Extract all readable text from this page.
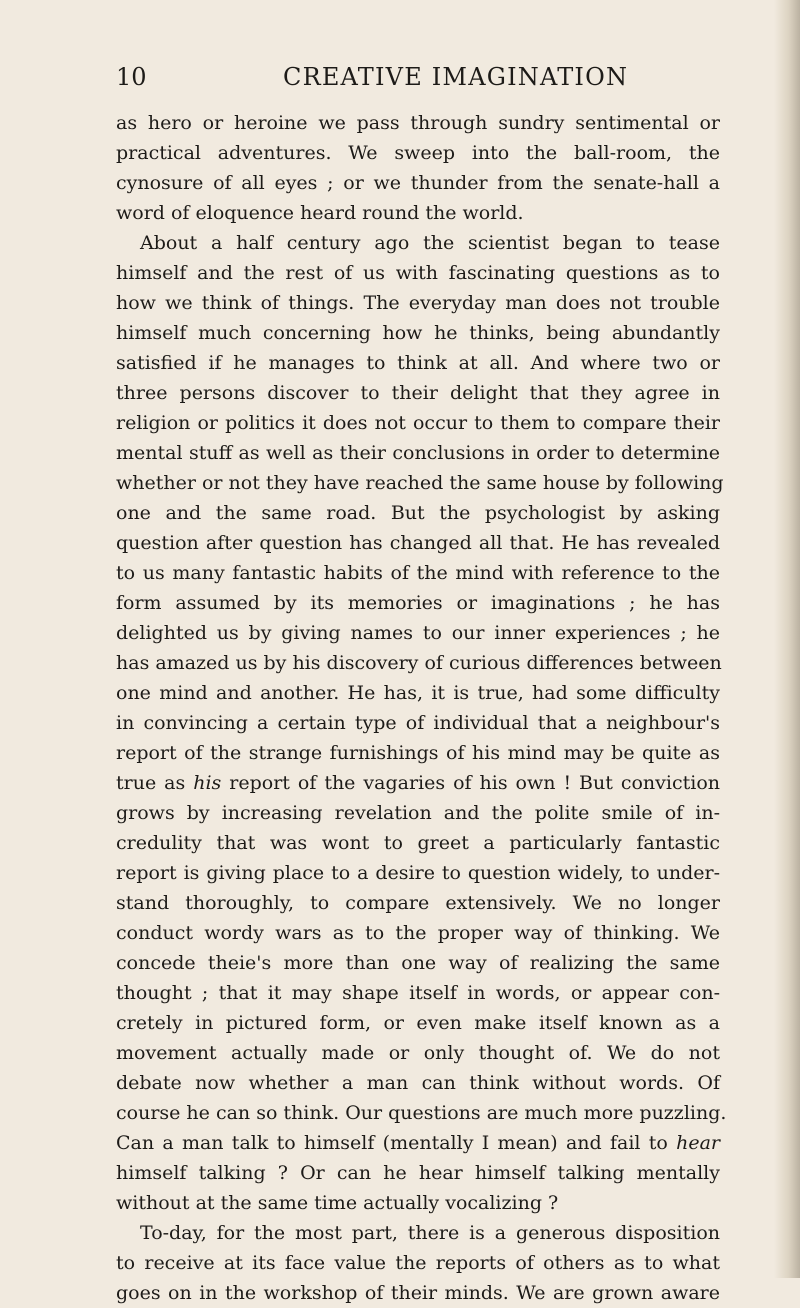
10	CREATIVE IMAGINATION
as hero or heroine we pass through sundry sentimental or
practical adventures. We sweep into the ball-room, the
cynosure of all eyes ; or we thunder from the senate-hall a
word of eloquence heard round the world.
About a half century ago the scientist began to tease
himself and the rest of us with fascinating questions as to
how we think of things. The everyday man does not trouble
himself much concerning how he thinks, being abundantly
satisfied if he manages to think at all. And where two or
three persons discover to their delight that they agree in
religion or politics it does not occur to them to compare their
mental stuff as well as their conclusions in order to determine
whether or not they have reached the same house by following
one and the same road. But the psychologist by asking
question after question has changed all that. He has revealed
to us many fantastic habits of the mind with reference to the
form assumed by its memories or imaginations ; he has
delighted us by giving names to our inner experiences ; he
has amazed us by his discovery of curious differences between
one mind and another. He has, it is true, had some difficulty
in convincing a certain type of individual that a neighbour's
report of the strange furnishings of his mind may be quite as
true as his report of the vagaries of his own ! But conviction
grows by increasing revelation and the polite smile of in-
credulity that was wont to greet a particularly fantastic
report is giving place to a desire to question widely, to under-
stand thoroughly, to compare extensively. We no longer
conduct wordy wars as to the proper way of thinking. We
concede theie's more than one way of realizing the same
thought ; that it may shape itself in words, or appear con-
cretely in pictured form, or even make itself known as a
movement actually made or only thought of. We do not
debate now whether a man can think without words. Of
course he can so think. Our questions are much more puzzling.
Can a man talk to himself (mentally I mean) and fail to hear
himself talking ? Or can he hear himself talking mentally
without at the same time actually vocalizing ?
To-day, for the most part, there is a generous disposition
to receive at its face value the reports of others as to what
goes on in the workshop of their minds. We are grown aware
